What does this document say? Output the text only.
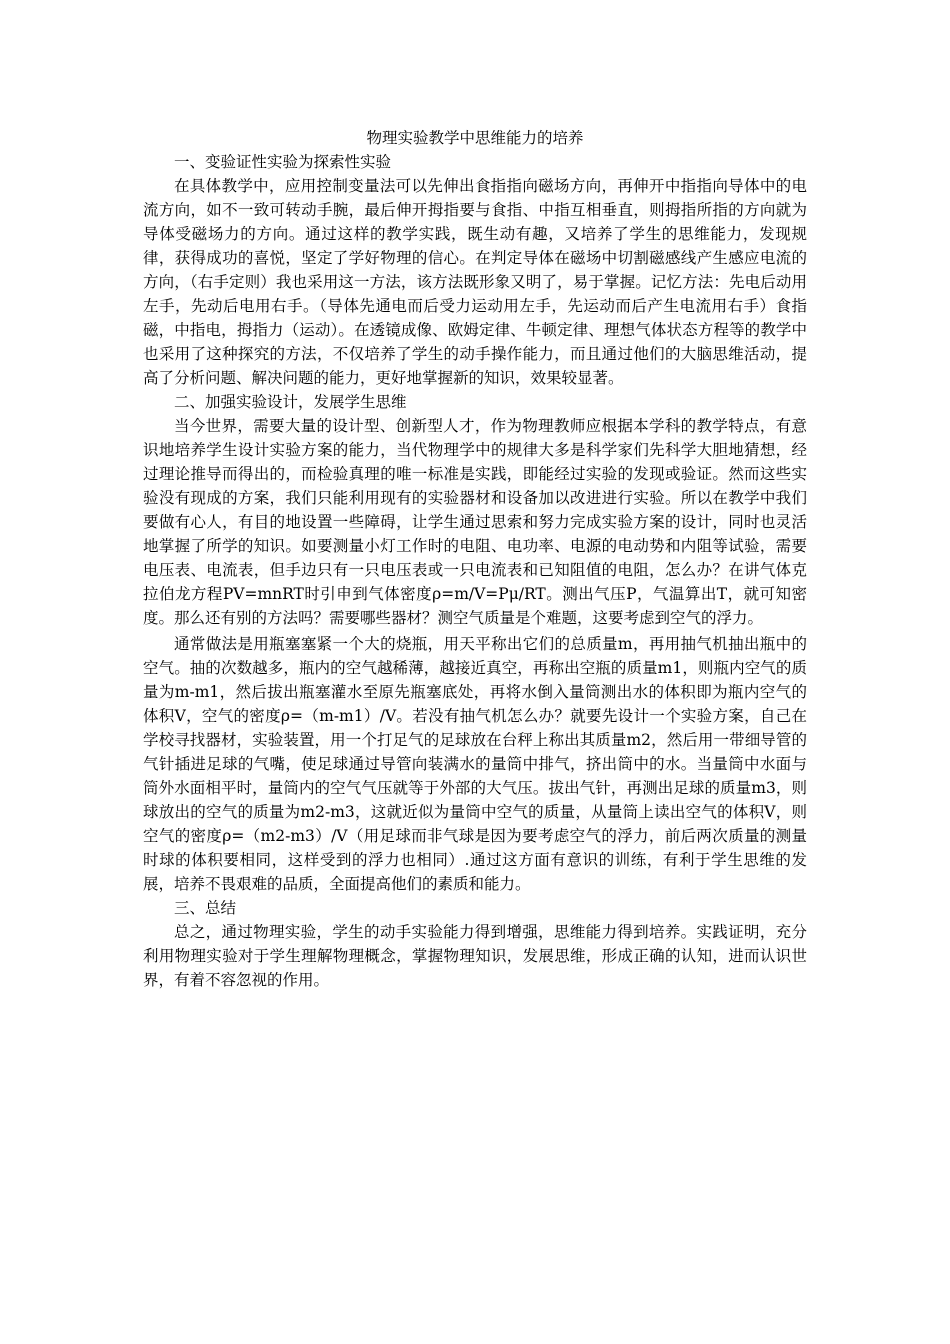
物理实验教学中思维能力的培养
一、变验证性实验为探索性实验

在具体教学中，应用控制变量法可以先伸出食指指向磁场方向，再伸开中指指向导体中的电流方向，如不一致可转动手腕，最后伸开拇指要与食指、中指互相垂直，则拇指所指的方向就为导体受磁场力的方向。通过这样的教学实践，既生动有趣，又培养了学生的思维能力，发现规律，获得成功的喜悦，坚定了学好物理的信心。在判定导体在磁场中切割磁感线产生感应电流的方向，（右手定则）我也采用这一方法，该方法既形象又明了，易于掌握。记忆方法：先电后动用左手，先动后电用右手。（导体先通电而后受力运动用左手，先运动而后产生电流用右手）食指磁，中指电，拇指力（运动）。在透镜成像、欧姆定律、牛顿定律、理想气体状态方程等的教学中也采用了这种探究的方法，不仅培养了学生的动手操作能力，而且通过他们的大脑思维活动，提高了分析问题、解决问题的能力，更好地掌握新的知识，效果较显著。

二、加强实验设计，发展学生思维

当今世界，需要大量的设计型、创新型人才，作为物理教师应根据本学科的教学特点，有意识地培养学生设计实验方案的能力，当代物理学中的规律大多是科学家们先科学大胆地猜想，经过理论推导而得出的，而检验真理的唯一标准是实践，即能经过实验的发现或验证。然而这些实验没有现成的方案，我们只能利用现有的实验器材和设备加以改进进行实验。所以在教学中我们要做有心人，有目的地设置一些障碍，让学生通过思索和努力完成实验方案的设计，同时也灵活地掌握了所学的知识。如要测量小灯工作时的电阻、电功率、电源的电动势和内阻等试验，需要电压表、电流表，但手边只有一只电压表或一只电流表和已知阻值的电阻，怎么办？在讲气体克拉伯龙方程PV=mnRT时引申到气体密度ρ=m/V=Pμ/RT。测出气压P，气温算出T，就可知密度。那么还有别的方法吗？需要哪些器材？测空气质量是个难题，这要考虑到空气的浮力。

通常做法是用瓶塞塞紧一个大的烧瓶，用天平称出它们的总质量m，再用抽气机抽出瓶中的空气。抽的次数越多，瓶内的空气越稀薄，越接近真空，再称出空瓶的质量m1，则瓶内空气的质量为m-m1，然后拔出瓶塞灌水至原先瓶塞底处，再将水倒入量筒测出水的体积即为瓶内空气的体积V，空气的密度ρ=（m-m1）/V。若没有抽气机怎么办？就要先设计一个实验方案，自己在学校寻找器材，实验装置，用一个打足气的足球放在台秤上称出其质量m2，然后用一带细导管的气针插进足球的气嘴，使足球通过导管向装满水的量筒中排气，挤出筒中的水。当量筒中水面与筒外水面相平时，量筒内的空气气压就等于外部的大气压。拔出气针，再测出足球的质量m3，则球放出的空气的质量为m2-m3，这就近似为量筒中空气的质量，从量筒上读出空气的体积V，则空气的密度ρ=（m2-m3）/V（用足球而非气球是因为要考虑空气的浮力，前后两次质量的测量时球的体积要相同，这样受到的浮力也相同）.通过这方面有意识的训练，有利于学生思维的发展，培养不畏艰难的品质，全面提高他们的素质和能力。

三、总结

总之，通过物理实验，学生的动手实验能力得到增强，思维能力得到培养。实践证明，充分利用物理实验对于学生理解物理概念，掌握物理知识，发展思维，形成正确的认知，进而认识世界，有着不容忽视的作用。
